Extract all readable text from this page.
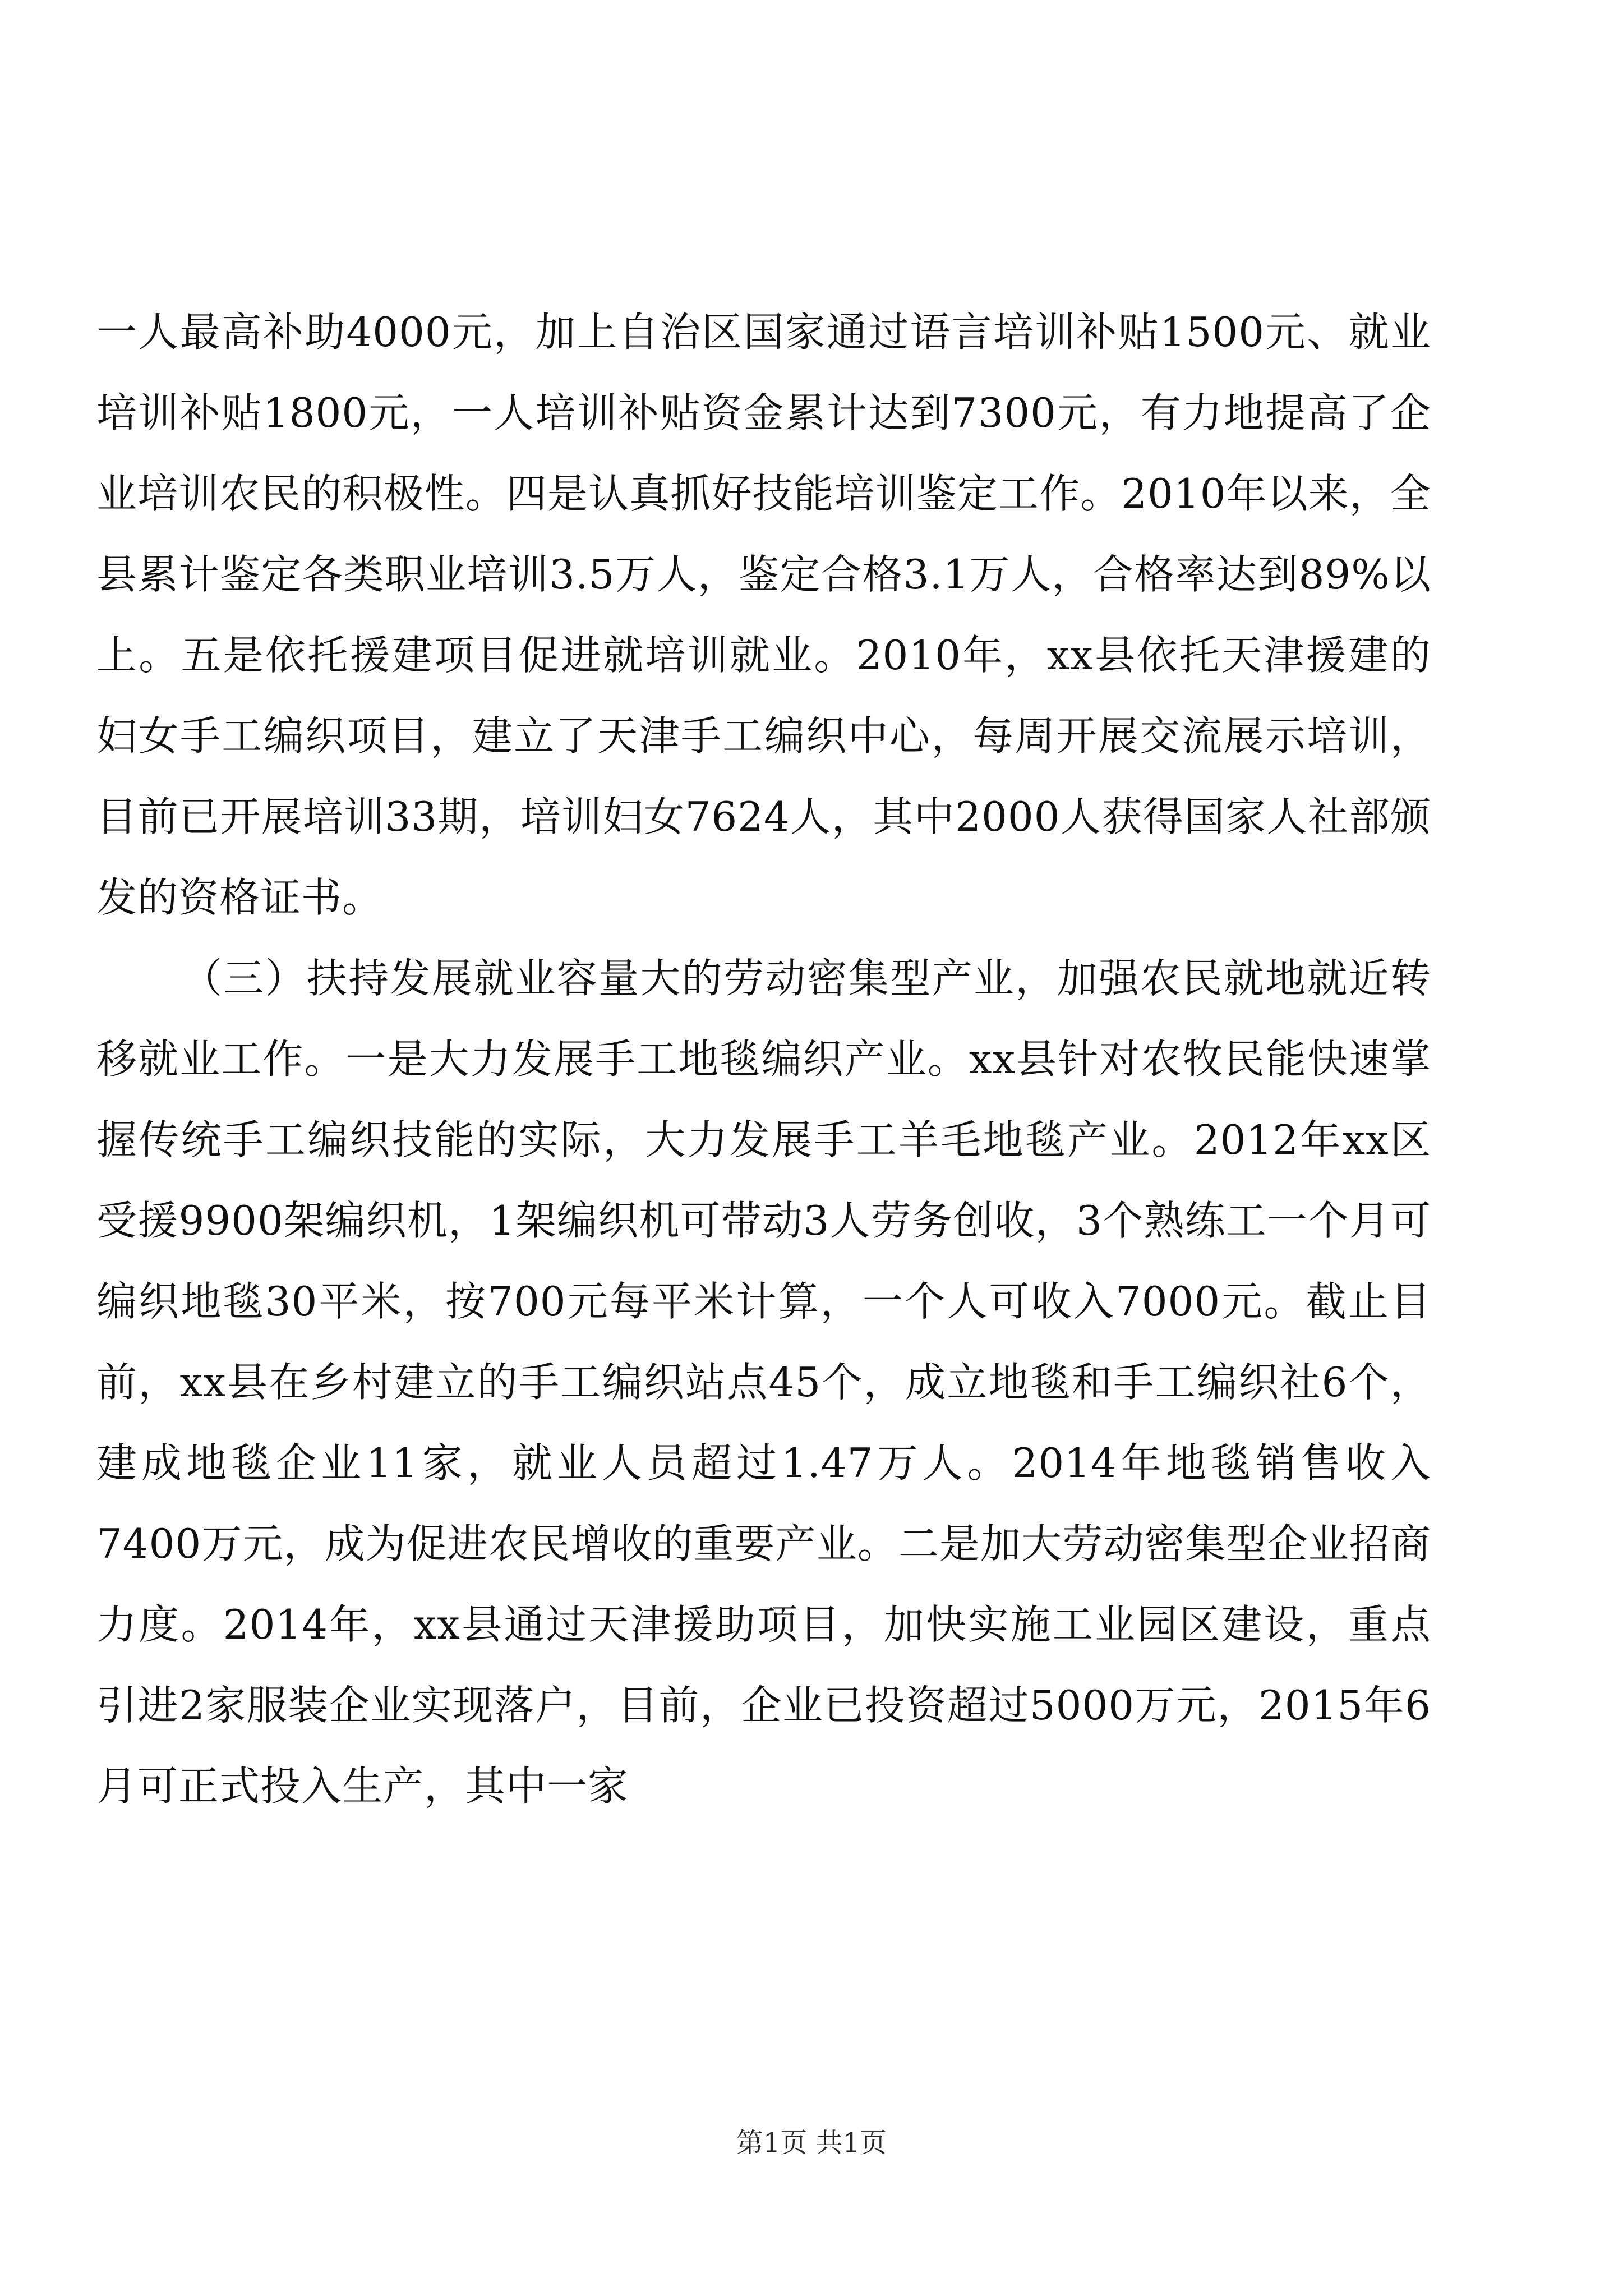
一人最高补助4000元，加上自治区国家通过语言培训补贴1500元、就业培训补贴1800元，一人培训补贴资金累计达到7300元，有力地提高了企业培训农民的积极性。四是认真抓好技能培训鉴定工作。2010年以来，全县累计鉴定各类职业培训3.5万人，鉴定合格3.1万人，合格率达到89%以上。五是依托援建项目促进就培训就业。2010年，xx县依托天津援建的妇女手工编织项目，建立了天津手工编织中心，每周开展交流展示培训，目前已开展培训33期，培训妇女7624人，其中2000人获得国家人社部颁发的资格证书。

（三）扶持发展就业容量大的劳动密集型产业，加强农民就地就近转移就业工作。一是大力发展手工地毯编织产业。xx县针对农牧民能快速掌握传统手工编织技能的实际，大力发展手工羊毛地毯产业。2012年xx区受援9900架编织机，1架编织机可带动3人劳务创收，3个熟练工一个月可编织地毯30平米，按700元每平米计算，一个人可收入7000元。截止目前，xx县在乡村建立的手工编织站点45个，成立地毯和手工编织社6个，建成地毯企业11家，就业人员超过1.47万人。2014年地毯销售收入7400万元，成为促进农民增收的重要产业。二是加大劳动密集型企业招商力度。2014年，xx县通过天津援助项目，加快实施工业园区建设，重点引进2家服装企业实现落户，目前，企业已投资超过5000万元，2015年6月可正式投入生产，其中一家

第1页 共1页
